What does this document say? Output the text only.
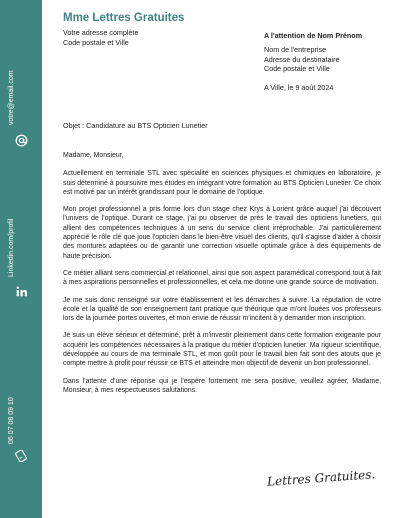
votre@email.com
Linkedin.com/profil
06 07 08 09 10
Mme Lettres Gratuites
Votre adresse complète
Code postale et Ville
A l'attention de Nom Prénom
Nom de l'entreprise
Adresse du destinataire
Code postale et Ville
A Ville, le 9 août 2024
Objet : Candidature au BTS Opticien Lunetier

Madame, Monsieur,

Actuellement en terminale STL avec spécialité en sciences physiques et chimiques en laboratoire, je suis déterminé à poursuivre mes études en intégrant votre formation au BTS Opticien Lunetier. Ce choix est motivé par un intérêt grandissant pour le domaine de l'optique.

Mon projet professionnel a pris forme lors d'un stage chez Krys à Lorient grâce auquel j'ai découvert l'univers de l'optique. Durant ce stage, j'ai pu observer de près le travail des opticiens lunetiers, qui allient des compétences techniques à un sens du service client irréprochable. J'ai particulièrement apprécié le rôle clé que joue l'opticien dans le bien-être visuel des clients, qu'il s'agisse d'aider à choisir des montures adaptées ou de garantir une correction visuelle optimale grâce à des équipements de haute précision.

Ce métier alliant sens commercial et relationnel, ainsi que son aspect paramédical correspond tout à fait à mes aspirations personnelles et professionnelles, et cela me donne une grande source de motivation.

Je me suis donc renseigné sur votre établissement et les démarches à suivre. La réputation de votre école et la qualité de son enseignement tant pratique que théorique que m'ont louées vos professeurs lors de la journée portes ouvertes, et mon envie de réussir m'incitent à y demander mon inscription.

Je suis un élève sérieux et déterminé, prêt à m'investir pleinement dans cette formation exigeante pour acquérir les compétences nécessaires à la pratique du métier d'opticien lunetier. Ma rigueur scientifique, développée au cours de ma terminale STL, et mon goût pour le travail bien fait sont des atouts que je compte mettre à profit pour réussir ce BTS et atteindre mon objectif de devenir un bon professionnel.

Dans l'attente d'une réponse qui je l'espère fortement me sera positive, veuillez agréer, Madame, Monsieur, à mes respectueuses salutations.

Lettres Gratuites.
